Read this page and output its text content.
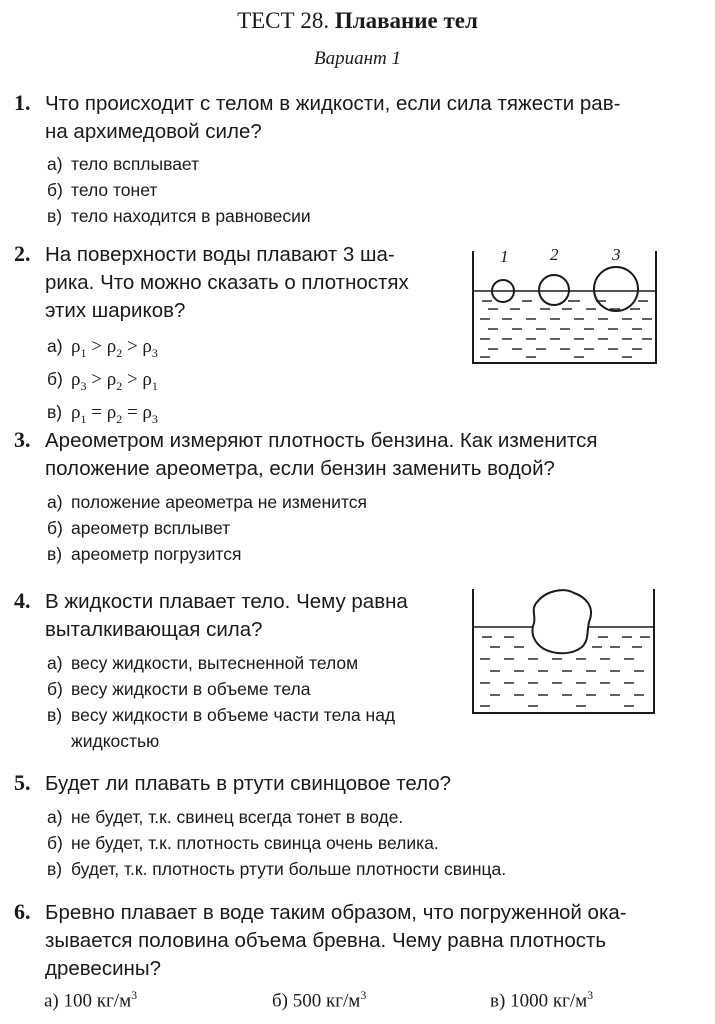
ТЕСТ 28. Плавание тел
Вариант 1
1. Что происходит с телом в жидкости, если сила тяжести рав-
на архимедовой силе?
а) тело всплывает
б) тело тонет
в) тело находится в равновесии
2. На поверхности воды плавают 3 ша-
рика. Что можно сказать о плотностях
этих шариков?
а) $\rho_1 > \rho_2 > \rho_3$
б) $\rho_3 > \rho_2 > \rho_1$
в) $\rho_1 = \rho_2 = \rho_3$
1 2	3
3. Ареометром измеряют плотность бензина. Как изменится
положение ареометра, если бензин заменить водой?
а) положение ареометра не изменится
б) ареометр всплывет
в) ареометр погрузится
4. В жидкости плавает тело. Чему равна
выталкивающая сила?
а) весу жидкости, вытесненной телом
б) весу жидкости в объеме тела
в) весу жидкости в объеме части тела над
жидкостью
5. Будет ли плавать в ртути свинцовое тело?
а) не будет, т.к. свинец всегда тонет в воде.
б) не будет, т.к. плотность свинца очень велика.
в) будет, т.к. плотность ртути больше плотности свинца.
6. Бревно плавает в воде таким образом, что погруженной ока-
зывается половина объема бревна. Чему равна плотность
древесины?
а) 100 $кг/м^3$	б) 500 $кг/м^3$	в) 1000 $кг/м^3$
